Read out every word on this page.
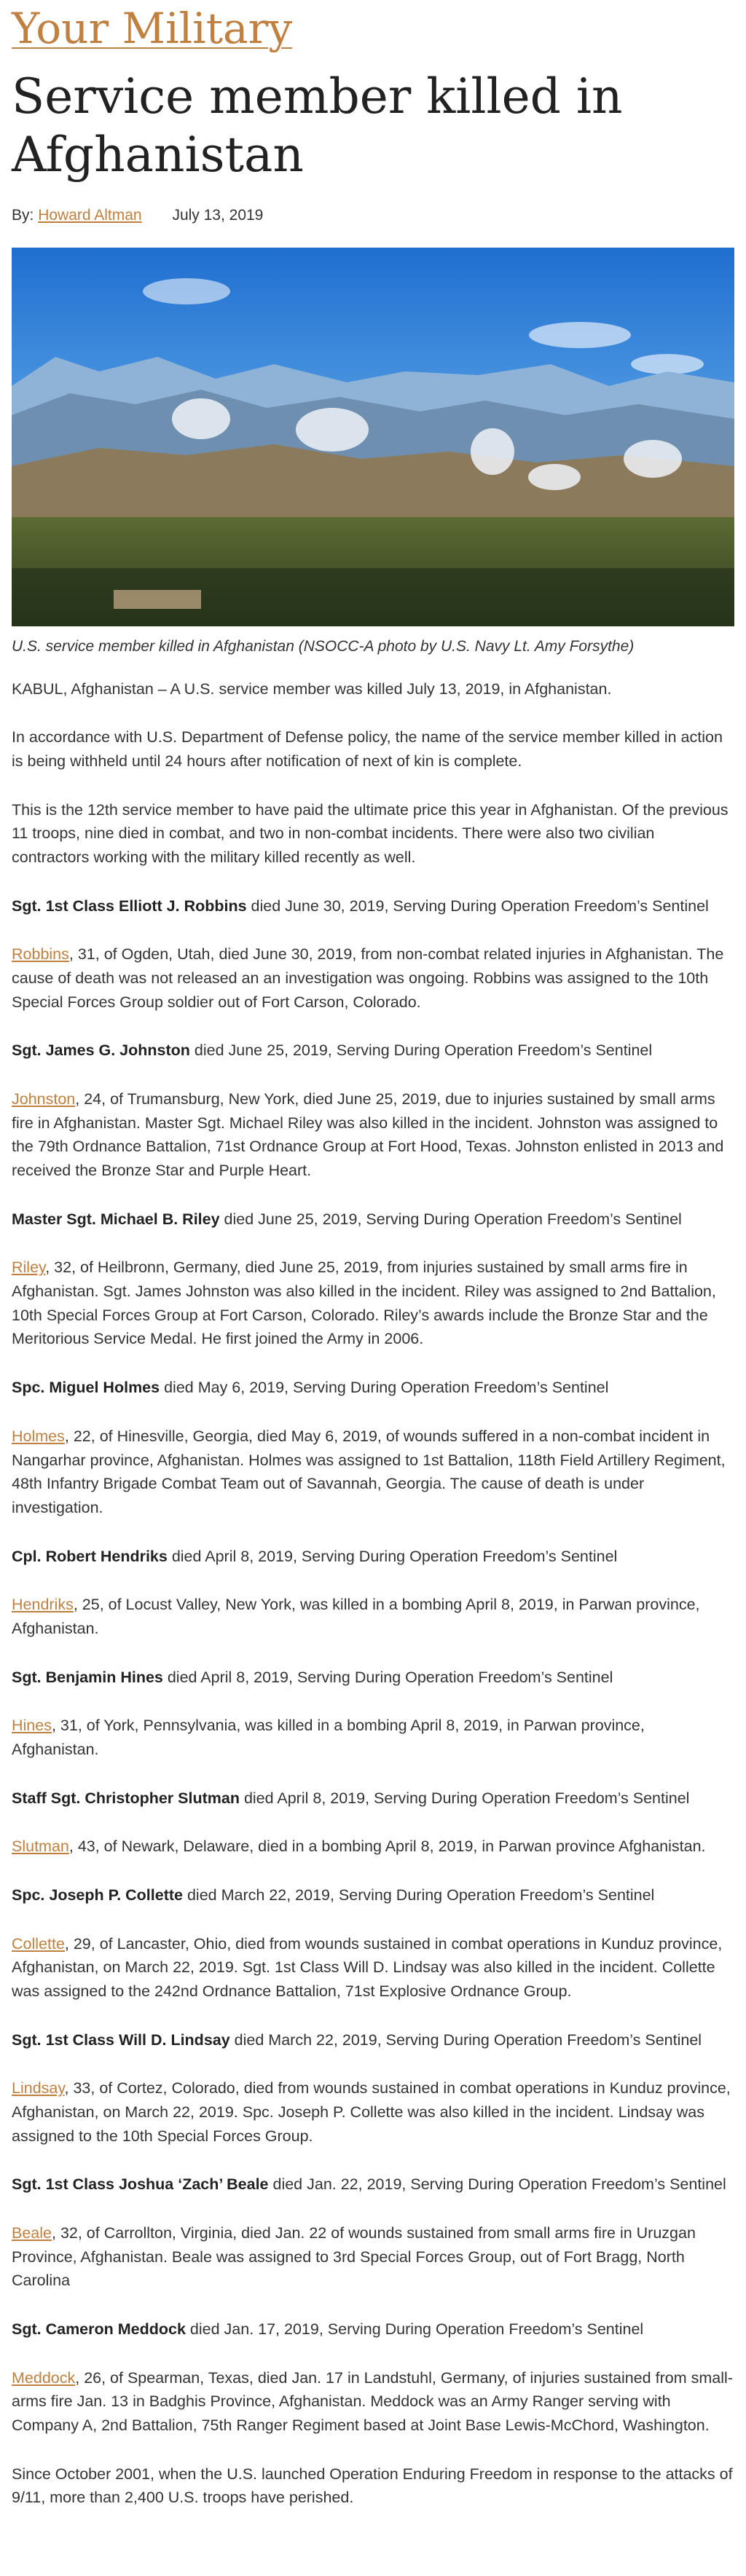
Your Military
Service member killed in Afghanistan
By: Howard Altman July 13, 2019
U.S. service member killed in Afghanistan (NSOCC-A photo by U.S. Navy Lt. Amy Forsythe)

KABUL, Afghanistan – A U.S. service member was killed July 13, 2019, in Afghanistan.

In accordance with U.S. Department of Defense policy, the name of the service member killed in action is being withheld until 24 hours after notification of next of kin is complete.

This is the 12th service member to have paid the ultimate price this year in Afghanistan. Of the previous 11 troops, nine died in combat, and two in non-combat incidents. There were also two civilian contractors working with the military killed recently as well.

Sgt. 1st Class Elliott J. Robbins died June 30, 2019, Serving During Operation Freedom’s Sentinel

Robbins, 31, of Ogden, Utah, died June 30, 2019, from non-combat related injuries in Afghanistan. The cause of death was not released an an investigation was ongoing. Robbins was assigned to the 10th Special Forces Group soldier out of Fort Carson, Colorado.

Sgt. James G. Johnston died June 25, 2019, Serving During Operation Freedom’s Sentinel

Johnston, 24, of Trumansburg, New York, died June 25, 2019, due to injuries sustained by small arms fire in Afghanistan. Master Sgt. Michael Riley was also killed in the incident. Johnston was assigned to the 79th Ordnance Battalion, 71st Ordnance Group at Fort Hood, Texas. Johnston enlisted in 2013 and received the Bronze Star and Purple Heart.

Master Sgt. Michael B. Riley died June 25, 2019, Serving During Operation Freedom’s Sentinel

Riley, 32, of Heilbronn, Germany, died June 25, 2019, from injuries sustained by small arms fire in Afghanistan. Sgt. James Johnston was also killed in the incident. Riley was assigned to 2nd Battalion, 10th Special Forces Group at Fort Carson, Colorado. Riley’s awards include the Bronze Star and the Meritorious Service Medal. He first joined the Army in 2006.

Spc. Miguel Holmes died May 6, 2019, Serving During Operation Freedom’s Sentinel

Holmes, 22, of Hinesville, Georgia, died May 6, 2019, of wounds suffered in a non-combat incident in Nangarhar province, Afghanistan. Holmes was assigned to 1st Battalion, 118th Field Artillery Regiment, 48th Infantry Brigade Combat Team out of Savannah, Georgia. The cause of death is under investigation.

Cpl. Robert Hendriks died April 8, 2019, Serving During Operation Freedom’s Sentinel

Hendriks, 25, of Locust Valley, New York, was killed in a bombing April 8, 2019, in Parwan province, Afghanistan.

Sgt. Benjamin Hines died April 8, 2019, Serving During Operation Freedom’s Sentinel

Hines, 31, of York, Pennsylvania, was killed in a bombing April 8, 2019, in Parwan province, Afghanistan.

Staff Sgt. Christopher Slutman died April 8, 2019, Serving During Operation Freedom’s Sentinel

Slutman, 43, of Newark, Delaware, died in a bombing April 8, 2019, in Parwan province Afghanistan.

Spc. Joseph P. Collette died March 22, 2019, Serving During Operation Freedom’s Sentinel

Collette, 29, of Lancaster, Ohio, died from wounds sustained in combat operations in Kunduz province, Afghanistan, on March 22, 2019. Sgt. 1st Class Will D. Lindsay was also killed in the incident. Collette was assigned to the 242nd Ordnance Battalion, 71st Explosive Ordnance Group.

Sgt. 1st Class Will D. Lindsay died March 22, 2019, Serving During Operation Freedom’s Sentinel

Lindsay, 33, of Cortez, Colorado, died from wounds sustained in combat operations in Kunduz province, Afghanistan, on March 22, 2019. Spc. Joseph P. Collette was also killed in the incident. Lindsay was assigned to the 10th Special Forces Group.

Sgt. 1st Class Joshua ‘Zach’ Beale died Jan. 22, 2019, Serving During Operation Freedom’s Sentinel

Beale, 32, of Carrollton, Virginia, died Jan. 22 of wounds sustained from small arms fire in Uruzgan Province, Afghanistan. Beale was assigned to 3rd Special Forces Group, out of Fort Bragg, North Carolina

Sgt. Cameron Meddock died Jan. 17, 2019, Serving During Operation Freedom’s Sentinel

Meddock, 26, of Spearman, Texas, died Jan. 17 in Landstuhl, Germany, of injuries sustained from small-arms fire Jan. 13 in Badghis Province, Afghanistan. Meddock was an Army Ranger serving with Company A, 2nd Battalion, 75th Ranger Regiment based at Joint Base Lewis-McChord, Washington.

Since October 2001, when the U.S. launched Operation Enduring Freedom in response to the attacks of 9/11, more than 2,400 U.S. troops have perished.
